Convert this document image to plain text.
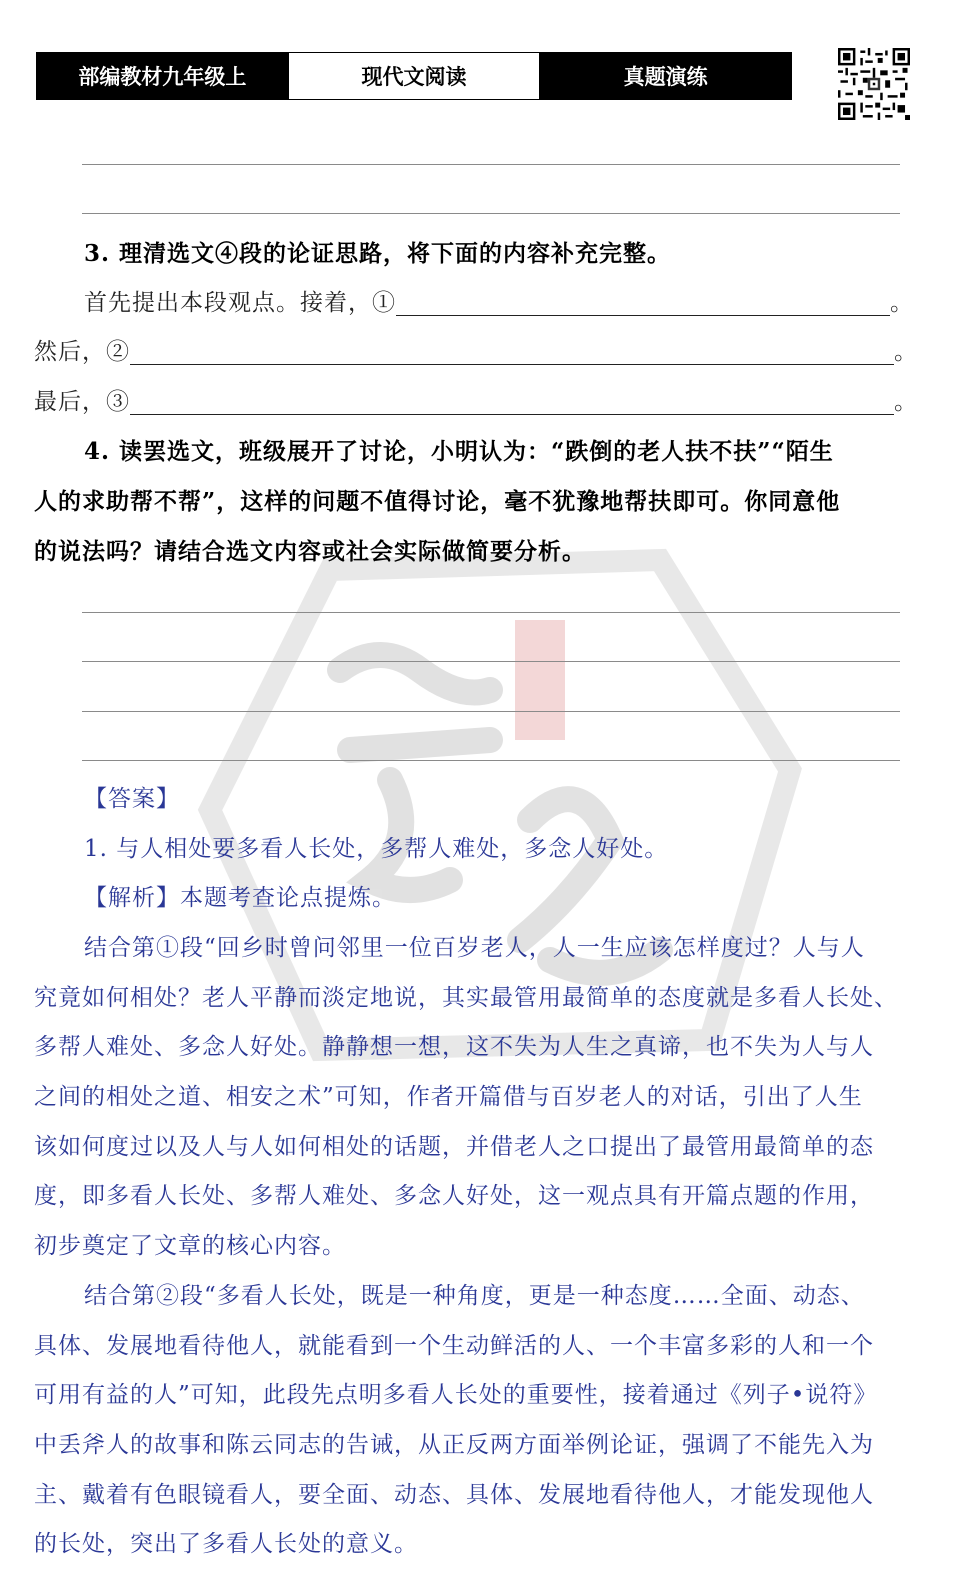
部编教材九年级上	现代文阅读	真题演练
3. 理清选文④段的论证思路，将下面的内容补充完整。
首先提出本段观点。接着，①	。
然后，②	。
最后，③	。
4. 读罢选文，班级展开了讨论，小明认为：“跌倒的老人扶不扶”“陌生
人的求助帮不帮”，这样的问题不值得讨论，毫不犹豫地帮扶即可。你同意他
的说法吗？请结合选文内容或社会实际做简要分析。
【答案】
1. 与人相处要多看人长处，多帮人难处，多念人好处。
【解析】本题考查论点提炼。
结合第①段“回乡时曾问邻里一位百岁老人，人一生应该怎样度过？人与人
究竟如何相处？老人平静而淡定地说，其实最管用最简单的态度就是多看人长处、
多帮人难处、多念人好处。静静想一想，这不失为人生之真谛，也不失为人与人
之间的相处之道、相安之术”可知，作者开篇借与百岁老人的对话，引出了人生
该如何度过以及人与人如何相处的话题，并借老人之口提出了最管用最简单的态
度，即多看人长处、多帮人难处、多念人好处，这一观点具有开篇点题的作用，
初步奠定了文章的核心内容。
结合第②段“多看人长处，既是一种角度，更是一种态度……全面、动态、
具体、发展地看待他人，就能看到一个生动鲜活的人、一个丰富多彩的人和一个
可用有益的人”可知，此段先点明多看人长处的重要性，接着通过《列子•说符》
中丢斧人的故事和陈云同志的告诫，从正反两方面举例论证，强调了不能先入为
主、戴着有色眼镜看人，要全面、动态、具体、发展地看待他人，才能发现他人
的长处，突出了多看人长处的意义。
